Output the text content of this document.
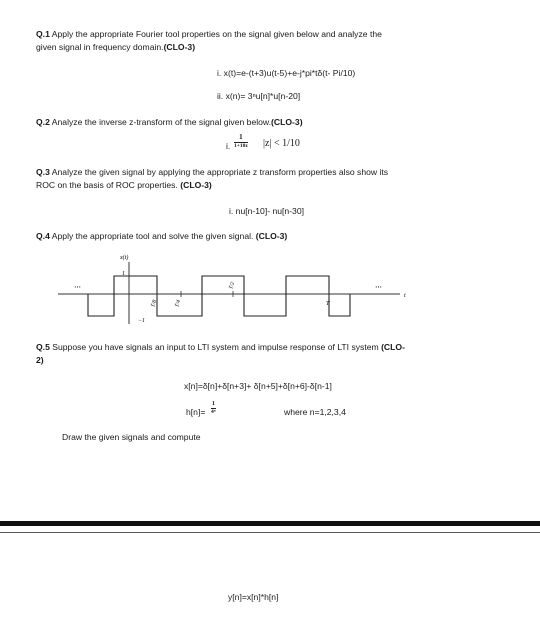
Q.1 Apply the appropriate Fourier tool properties on the signal given below and analyze the
given signal in frequency domain.(CLO-3)
i. x(t)=e-(t+3)u(t-5)+e-j*pi*tδ(t- Pi/10)
ii. x(n)= 3ⁿu[n]*u[n-20]
Q.2 Analyze the inverse z-transform of the signal given below.(CLO-3)
i.
1
1+10z |z| < 1/10
Q.3 Analyze the given signal by applying the appropriate z transform properties also show its
ROC on the basis of ROC properties. (CLO-3)
i. nu[n-10]- nu[n-30]
Q.4 Apply the appropriate tool and solve the given signal. (CLO-3)
x(t)
1
−1
T/8	T/4
T/2
T
t
···	···
Q.5 Suppose you have signals an input to LTI system and impulse response of LTI system (CLO-
2)
x[n]=δ[n]+δ[n+3]+ δ[n+5]+δ[n+6]-δ[n-1]
h[n]=
1
4ⁿ	where n=1,2,3,4
Draw the given signals and compute
y[n]=x[n]*h[n]
